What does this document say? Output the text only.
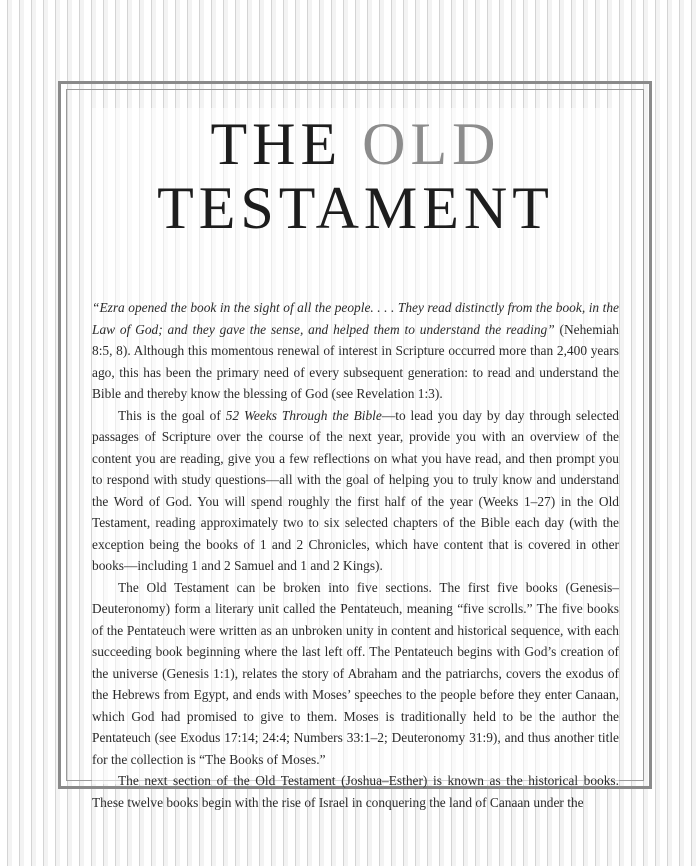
THE OLD
TESTAMENT

“Ezra opened the book in the sight of all the people. . . . They read distinctly from the book, in the Law of God; and they gave the sense, and helped them to understand the reading” (Nehemiah 8:5, 8). Although this momentous renewal of interest in Scripture occurred more than 2,400 years ago, this has been the primary need of every subsequent generation: to read and understand the Bible and thereby know the blessing of God (see Revelation 1:3).

This is the goal of 52 Weeks Through the Bible—to lead you day by day through selected passages of Scripture over the course of the next year, provide you with an overview of the content you are reading, give you a few reflections on what you have read, and then prompt you to respond with study questions—all with the goal of helping you to truly know and understand the Word of God. You will spend roughly the first half of the year (Weeks 1–27) in the Old Testament, reading approximately two to six selected chapters of the Bible each day (with the exception being the books of 1 and 2 Chronicles, which have content that is covered in other books—including 1 and 2 Samuel and 1 and 2 Kings).

The Old Testament can be broken into five sections. The first five books (Genesis–Deuteronomy) form a literary unit called the Pentateuch, meaning “five scrolls.” The five books of the Pentateuch were written as an unbroken unity in content and historical sequence, with each succeeding book beginning where the last left off. The Pentateuch begins with God’s creation of the universe (Genesis 1:1), relates the story of Abraham and the patriarchs, covers the exodus of the Hebrews from Egypt, and ends with Moses’ speeches to the people before they enter Canaan, which God had promised to give to them. Moses is traditionally held to be the author the Pentateuch (see Exodus 17:14; 24:4; Numbers 33:1–2; Deuteronomy 31:9), and thus another title for the collection is “The Books of Moses.”

The next section of the Old Testament (Joshua–Esther) is known as the historical books. These twelve books begin with the rise of Israel in conquering the land of Canaan under the
